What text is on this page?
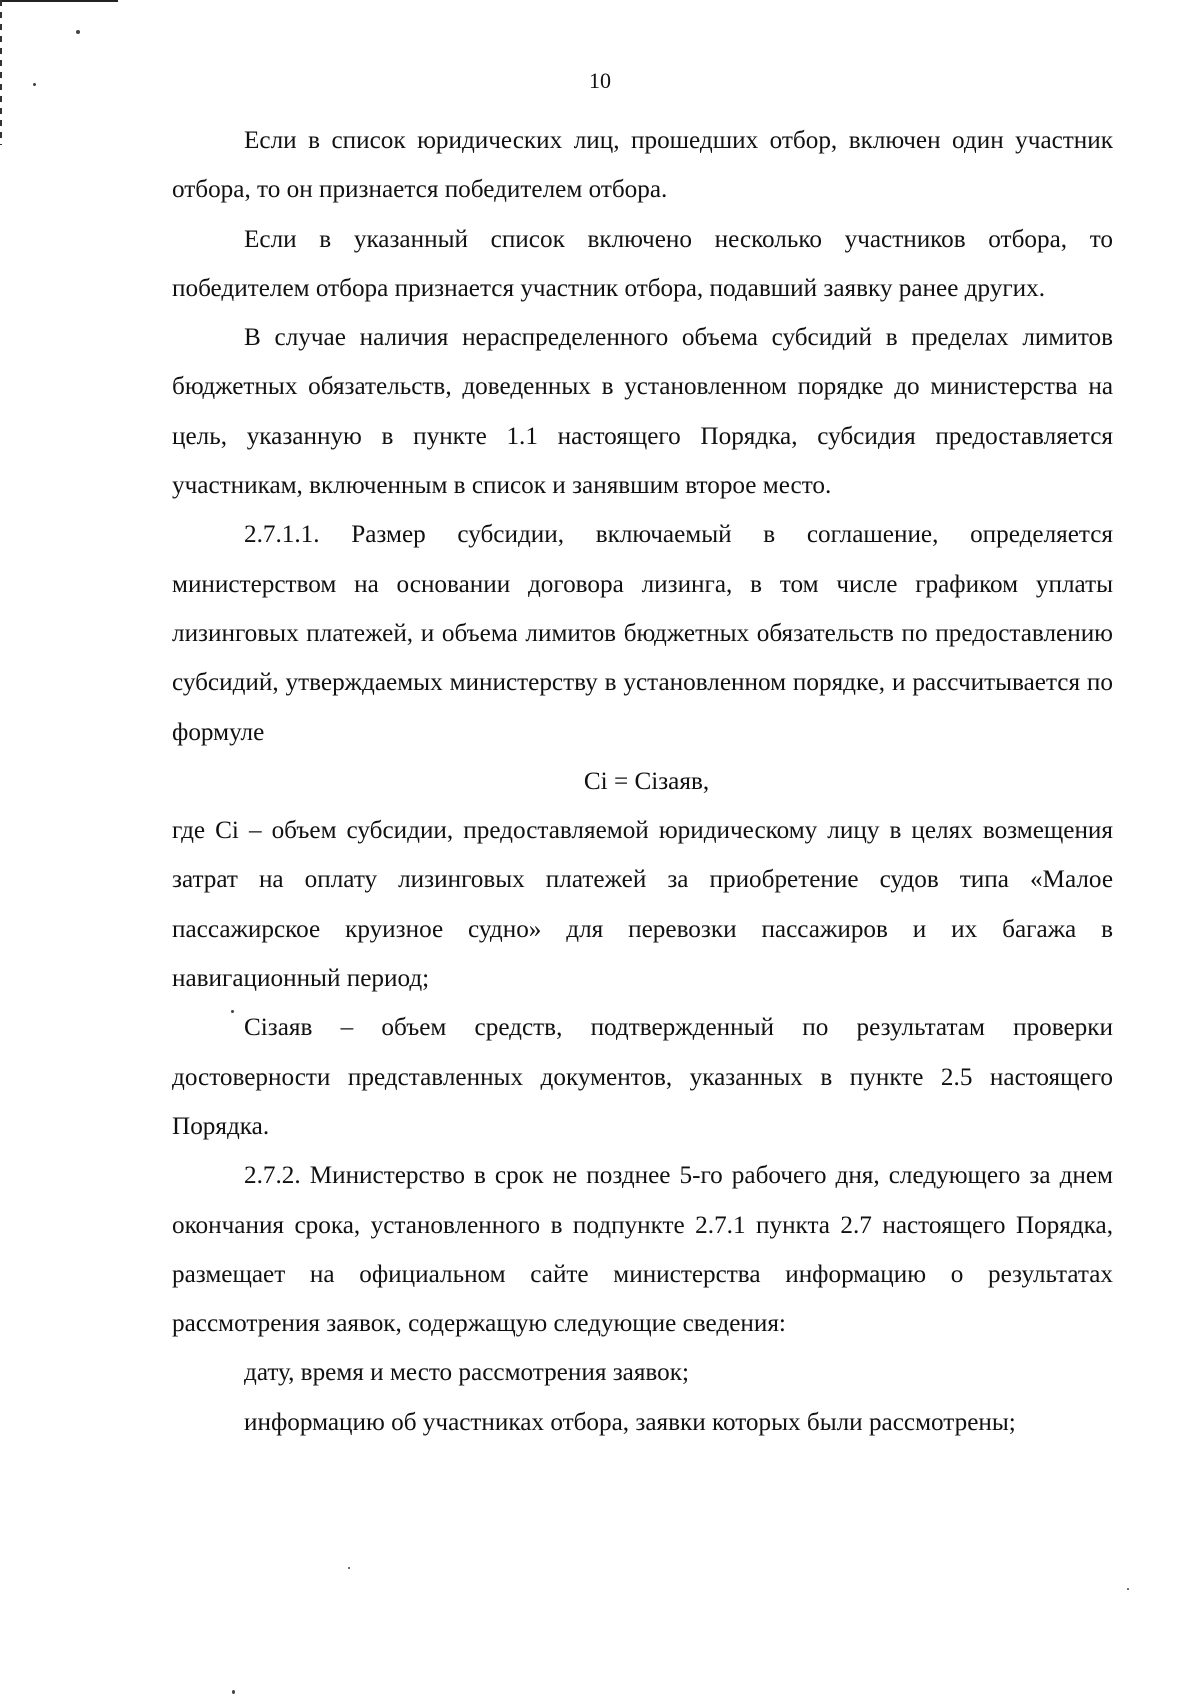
10

Если в список юридических лиц, прошедших отбор, включен один участник отбора, то он признается победителем отбора.

Если в указанный список включено несколько участников отбора, то победителем отбора признается участник отбора, подавший заявку ранее других.

В случае наличия нераспределенного объема субсидий в пределах лимитов бюджетных обязательств, доведенных в установленном порядке до министерства на цель, указанную в пункте 1.1 настоящего Порядка, субсидия предоставляется участникам, включенным в список и занявшим второе место.

2.7.1.1. Размер субсидии, включаемый в соглашение, определяется министерством на основании договора лизинга, в том числе графиком уплаты лизинговых платежей, и объема лимитов бюджетных обязательств по предоставлению субсидий, утверждаемых министерству в установленном порядке, и рассчитывается по формуле

Ci = Ciзаяв,

где Ci – объем субсидии, предоставляемой юридическому лицу в целях возмещения затрат на оплату лизинговых платежей за приобретение судов типа «Малое пассажирское круизное судно» для перевозки пассажиров и их багажа в навигационный период;

Ciзаяв – объем средств, подтвержденный по результатам проверки достоверности представленных документов, указанных в пункте 2.5 настоящего Порядка.

2.7.2. Министерство в срок не позднее 5-го рабочего дня, следующего за днем окончания срока, установленного в подпункте 2.7.1 пункта 2.7 настоящего Порядка, размещает на официальном сайте министерства информацию о результатах рассмотрения заявок, содержащую следующие сведения:

дату, время и место рассмотрения заявок;

информацию об участниках отбора, заявки которых были рассмотрены;
